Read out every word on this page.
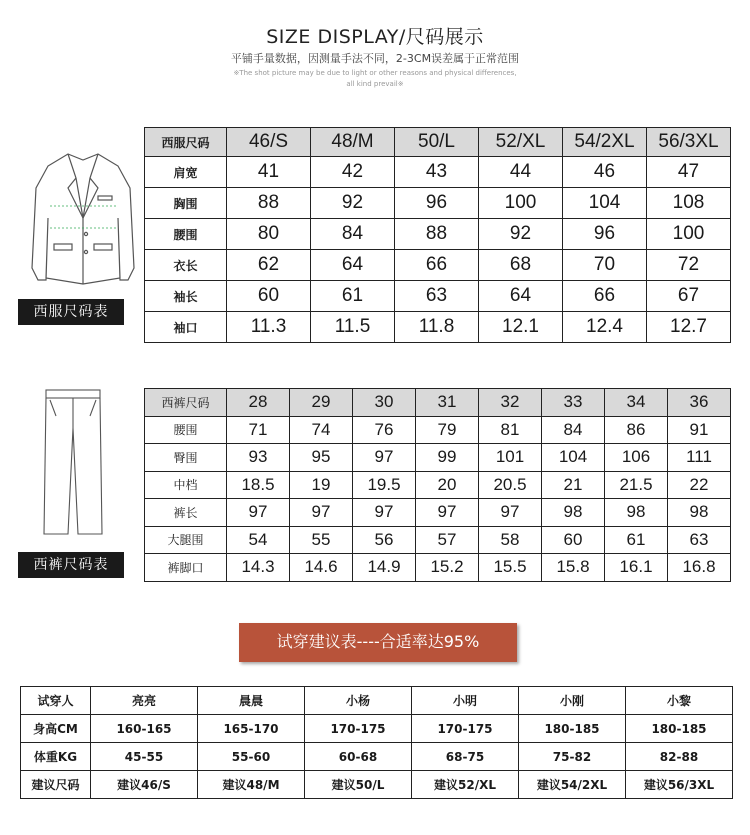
SIZE DISPLAY/尺码展示
平铺手量数据，因测量手法不同，2-3CM误差属于正常范围
※The shot picture may be due to light or other reasons and physical differences,
all kind prevail※
西服尺码表
西服尺码	46/S	48/M	50/L	52/XL	54/2XL	56/3XL
肩宽	41	42	43	44	46	47
胸围	88	92	96	100	104	108
腰围	80	84	88	92	96	100
衣长	62	64	66	68	70	72
袖长	60	61	63	64	66	67
袖口	11.3	11.5	11.8	12.1	12.4	12.7
西裤尺码表
西裤尺码	28	29	30	31	32	33	34	36
腰围	71	74	76	79	81	84	86	91
臀围	93	95	97	99	101	104	106	111
中档	18.5	19	19.5	20	20.5	21	21.5	22
裤长	97	97	97	97	97	98	98	98
大腿围	54	55	56	57	58	60	61	63
裤脚口	14.3	14.6	14.9	15.2	15.5	15.8	16.1	16.8
试穿建议表----合适率达95%
试穿人	亮亮	晨晨	小杨	小明	小刚	小黎
身高CM	160-165	165-170	170-175	170-175	180-185	180-185
体重KG	45-55	55-60	60-68	68-75	75-82	82-88
建议尺码	建议46/S	建议48/M	建议50/L	建议52/XL	建议54/2XL	建议56/3XL
